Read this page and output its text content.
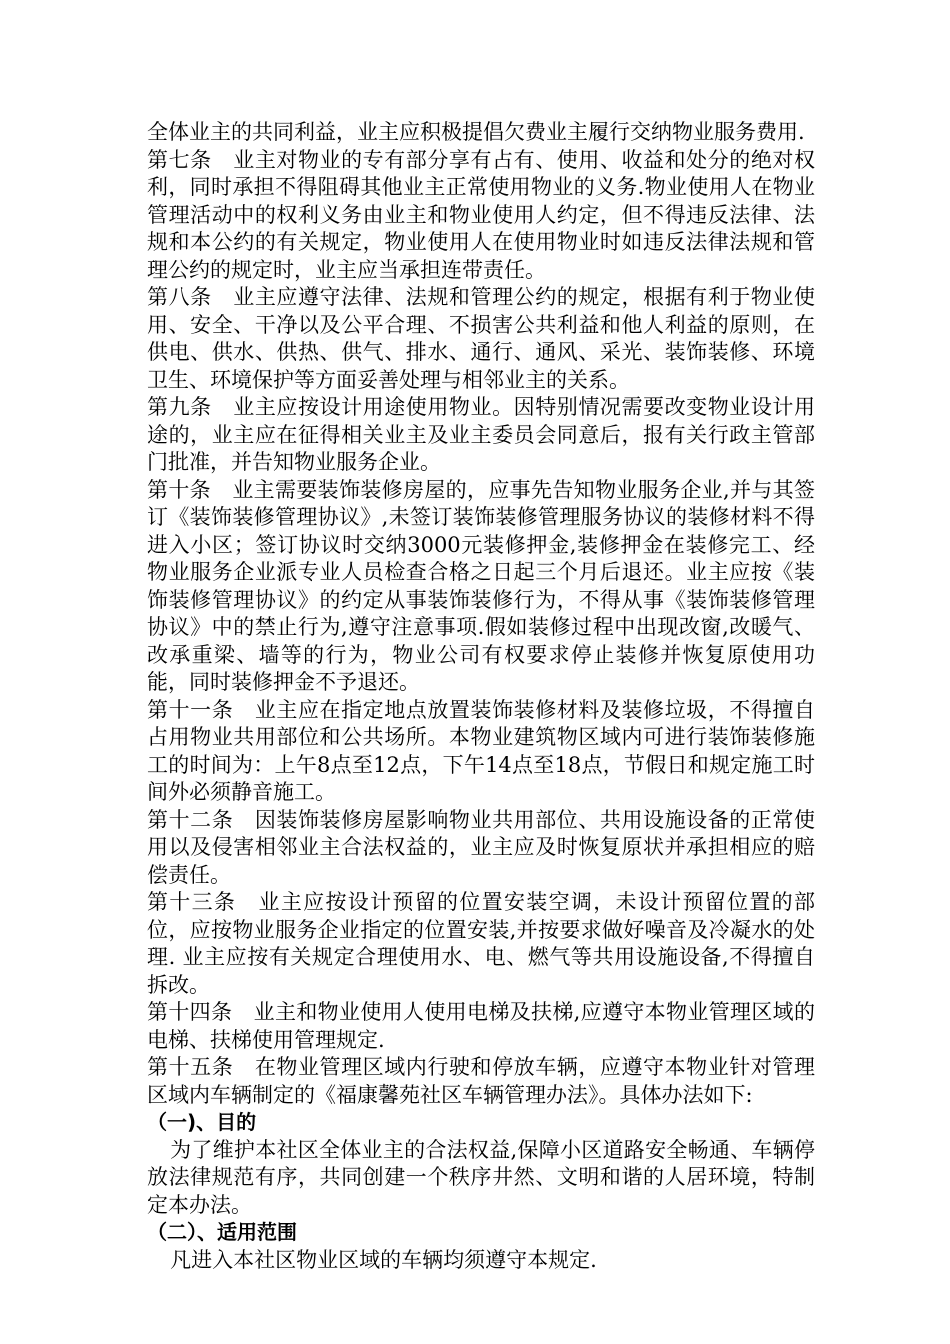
全体业主的共同利益，业主应积极提倡欠费业主履行交纳物业服务费用.

第七条　业主对物业的专有部分享有占有、使用、收益和处分的绝对权利，同时承担不得阻碍其他业主正常使用物业的义务.物业使用人在物业管理活动中的权利义务由业主和物业使用人约定，但不得违反法律、法规和本公约的有关规定，物业使用人在使用物业时如违反法律法规和管理公约的规定时，业主应当承担连带责任。

第八条　业主应遵守法律、法规和管理公约的规定，根据有利于物业使用、安全、干净以及公平合理、不损害公共利益和他人利益的原则，在供电、供水、供热、供气、排水、通行、通风、采光、装饰装修、环境卫生、环境保护等方面妥善处理与相邻业主的关系。

第九条　业主应按设计用途使用物业。因特别情况需要改变物业设计用途的，业主应在征得相关业主及业主委员会同意后，报有关行政主管部门批准，并告知物业服务企业。

第十条　业主需要装饰装修房屋的，应事先告知物业服务企业,并与其签订《装饰装修管理协议》,未签订装饰装修管理服务协议的装修材料不得进入小区；签订协议时交纳3000元装修押金,装修押金在装修完工、经物业服务企业派专业人员检查合格之日起三个月后退还。业主应按《装饰装修管理协议》的约定从事装饰装修行为，不得从事《装饰装修管理协议》中的禁止行为,遵守注意事项.假如装修过程中出现改窗,改暖气、改承重梁、墙等的行为，物业公司有权要求停止装修并恢复原使用功能，同时装修押金不予退还。

第十一条　业主应在指定地点放置装饰装修材料及装修垃圾，不得擅自占用物业共用部位和公共场所。本物业建筑物区域内可进行装饰装修施工的时间为：上午8点至12点，下午14点至18点，节假日和规定施工时间外必须静音施工。

第十二条　因装饰装修房屋影响物业共用部位、共用设施设备的正常使用以及侵害相邻业主合法权益的，业主应及时恢复原状并承担相应的赔偿责任。

第十三条　业主应按设计预留的位置安装空调，未设计预留位置的部位，应按物业服务企业指定的位置安装,并按要求做好噪音及冷凝水的处理. 业主应按有关规定合理使用水、电、燃气等共用设施设备,不得擅自拆改。

第十四条　业主和物业使用人使用电梯及扶梯,应遵守本物业管理区域的电梯、扶梯使用管理规定.

第十五条　在物业管理区域内行驶和停放车辆，应遵守本物业针对管理区域内车辆制定的《福康馨苑社区车辆管理办法》。具体办法如下:

（一)、目的

为了维护本社区全体业主的合法权益,保障小区道路安全畅通、车辆停放法律规范有序，共同创建一个秩序井然、文明和谐的人居环境，特制定本办法。

（二）、适用范围

凡进入本社区物业区域的车辆均须遵守本规定.
